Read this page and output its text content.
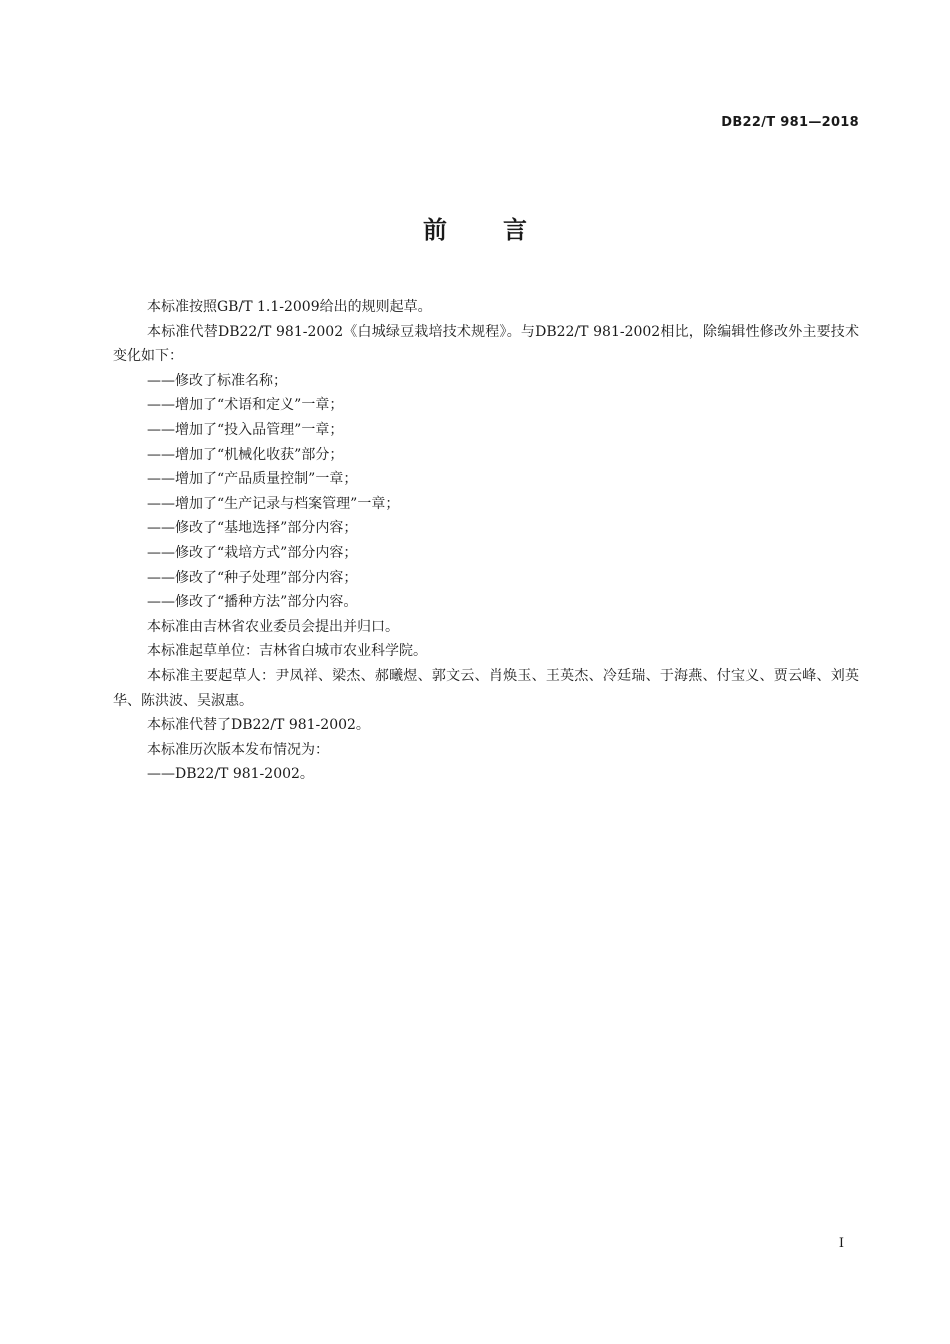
DB22/T 981—2018
前言

本标准按照GB/T 1.1-2009给出的规则起草。

本标准代替DB22/T 981-2002《白城绿豆栽培技术规程》。与DB22/T 981-2002相比，除编辑性修改外主要技术变化如下：

——修改了标准名称；

——增加了“术语和定义”一章；

——增加了“投入品管理”一章；

——增加了“机械化收获”部分；

——增加了“产品质量控制”一章；

——增加了“生产记录与档案管理”一章；

——修改了“基地选择”部分内容；

——修改了“栽培方式”部分内容；

——修改了“种子处理”部分内容；

——修改了“播种方法”部分内容。

本标准由吉林省农业委员会提出并归口。

本标准起草单位：吉林省白城市农业科学院。

本标准主要起草人：尹凤祥、梁杰、郝曦煜、郭文云、肖焕玉、王英杰、冷廷瑞、于海燕、付宝义、贾云峰、刘英华、陈洪波、吴淑惠。

本标准代替了DB22/T 981-2002。

本标准历次版本发布情况为：

——DB22/T 981-2002。

I
